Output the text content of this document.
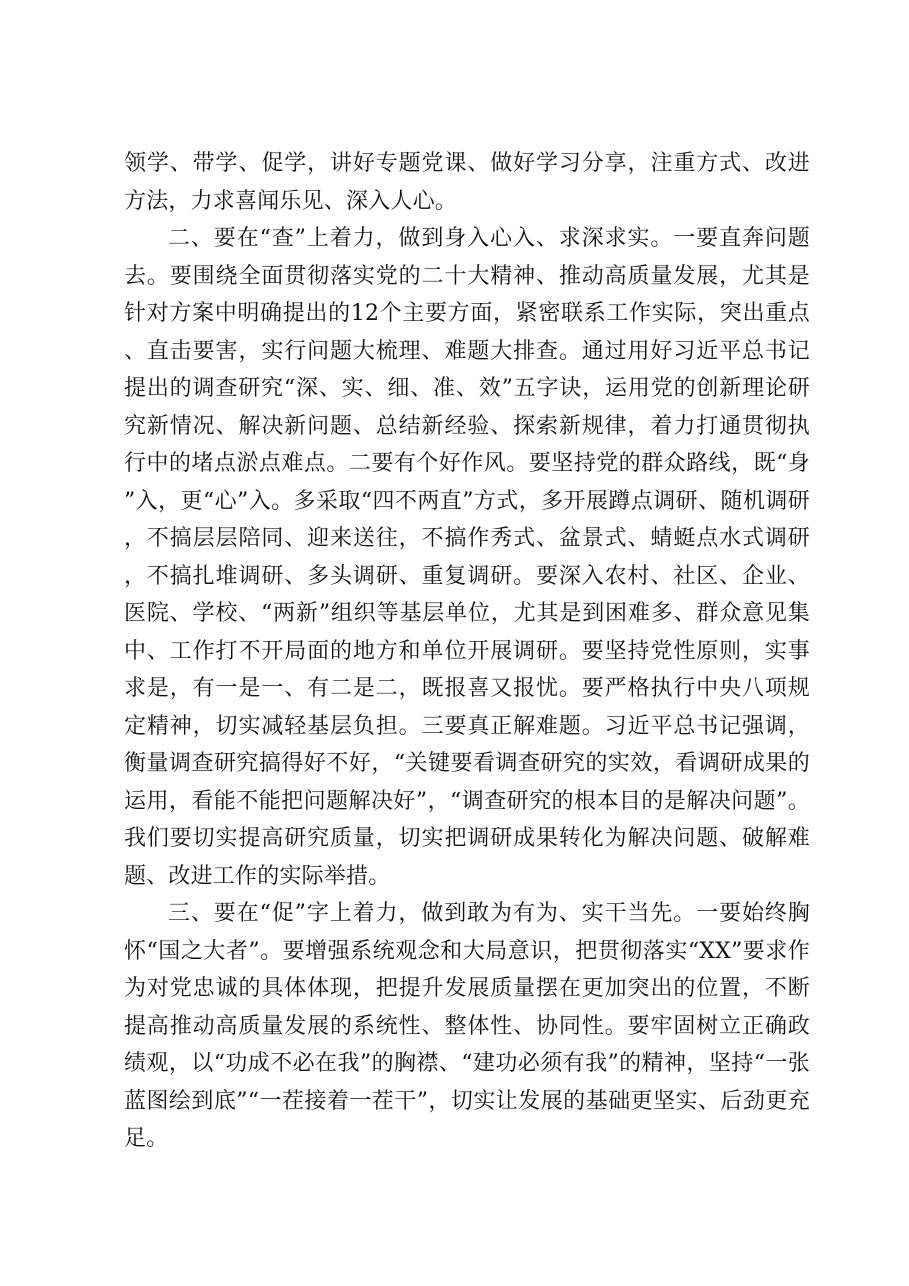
领学、带学、促学，讲好专题党课、做好学习分享，注重方式、改进方法，力求喜闻乐见、深入人心。

二、要在“查”上着力，做到身入心入、求深求实。一要直奔问题去。要围绕全面贯彻落实党的二十大精神、推动高质量发展，尤其是针对方案中明确提出的12个主要方面，紧密联系工作实际，突出重点、直击要害，实行问题大梳理、难题大排查。通过用好习近平总书记提出的调查研究“深、实、细、准、效”五字诀，运用党的创新理论研究新情况、解决新问题、总结新经验、探索新规律，着力打通贯彻执行中的堵点淤点难点。二要有个好作风。要坚持党的群众路线，既“身”入，更“心”入。多采取“四不两直”方式，多开展蹲点调研、随机调研，不搞层层陪同、迎来送往，不搞作秀式、盆景式、蜻蜓点水式调研，不搞扎堆调研、多头调研、重复调研。要深入农村、社区、企业、医院、学校、“两新”组织等基层单位，尤其是到困难多、群众意见集中、工作打不开局面的地方和单位开展调研。要坚持党性原则，实事求是，有一是一、有二是二，既报喜又报忧。要严格执行中央八项规定精神，切实减轻基层负担。三要真正解难题。习近平总书记强调，衡量调查研究搞得好不好，“关键要看调查研究的实效，看调研成果的运用，看能不能把问题解决好”，“调查研究的根本目的是解决问题”。我们要切实提高研究质量，切实把调研成果转化为解决问题、破解难题、改进工作的实际举措。

三、要在“促”字上着力，做到敢为有为、实干当先。一要始终胸怀“国之大者”。要增强系统观念和大局意识，把贯彻落实“XX”要求作为对党忠诚的具体体现，把提升发展质量摆在更加突出的位置，不断提高推动高质量发展的系统性、整体性、协同性。要牢固树立正确政绩观，以“功成不必在我”的胸襟、“建功必须有我”的精神，坚持“一张蓝图绘到底”“一茬接着一茬干”，切实让发展的基础更坚实、后劲更充足。
